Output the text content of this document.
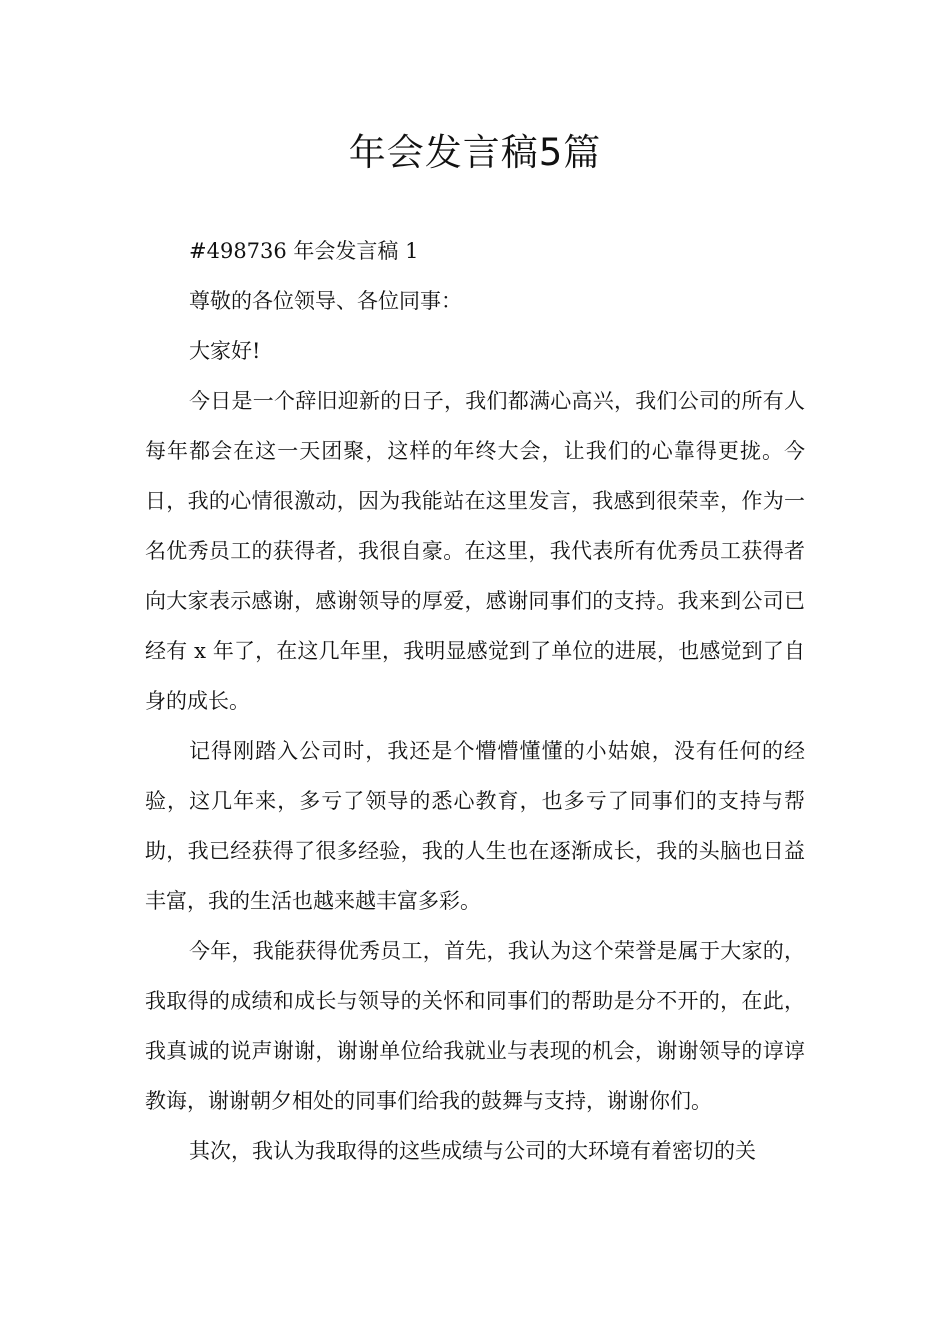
年会发言稿5篇

#498736 年会发言稿 1

尊敬的各位领导、各位同事：

大家好!

今日是一个辞旧迎新的日子，我们都满心高兴，我们公司的所有人每年都会在这一天团聚，这样的年终大会，让我们的心靠得更拢。今日，我的心情很激动，因为我能站在这里发言，我感到很荣幸，作为一名优秀员工的获得者，我很自豪。在这里，我代表所有优秀员工获得者向大家表示感谢，感谢领导的厚爱，感谢同事们的支持。我来到公司已经有 x 年了，在这几年里，我明显感觉到了单位的进展，也感觉到了自身的成长。

记得刚踏入公司时，我还是个懵懵懂懂的小姑娘，没有任何的经验，这几年来，多亏了领导的悉心教育，也多亏了同事们的支持与帮助，我已经获得了很多经验，我的人生也在逐渐成长，我的头脑也日益丰富，我的生活也越来越丰富多彩。

今年，我能获得优秀员工，首先，我认为这个荣誉是属于大家的，我取得的成绩和成长与领导的关怀和同事们的帮助是分不开的，在此，我真诚的说声谢谢，谢谢单位给我就业与表现的机会，谢谢领导的谆谆教诲，谢谢朝夕相处的同事们给我的鼓舞与支持，谢谢你们。

其次，我认为我取得的这些成绩与公司的大环境有着密切的关
